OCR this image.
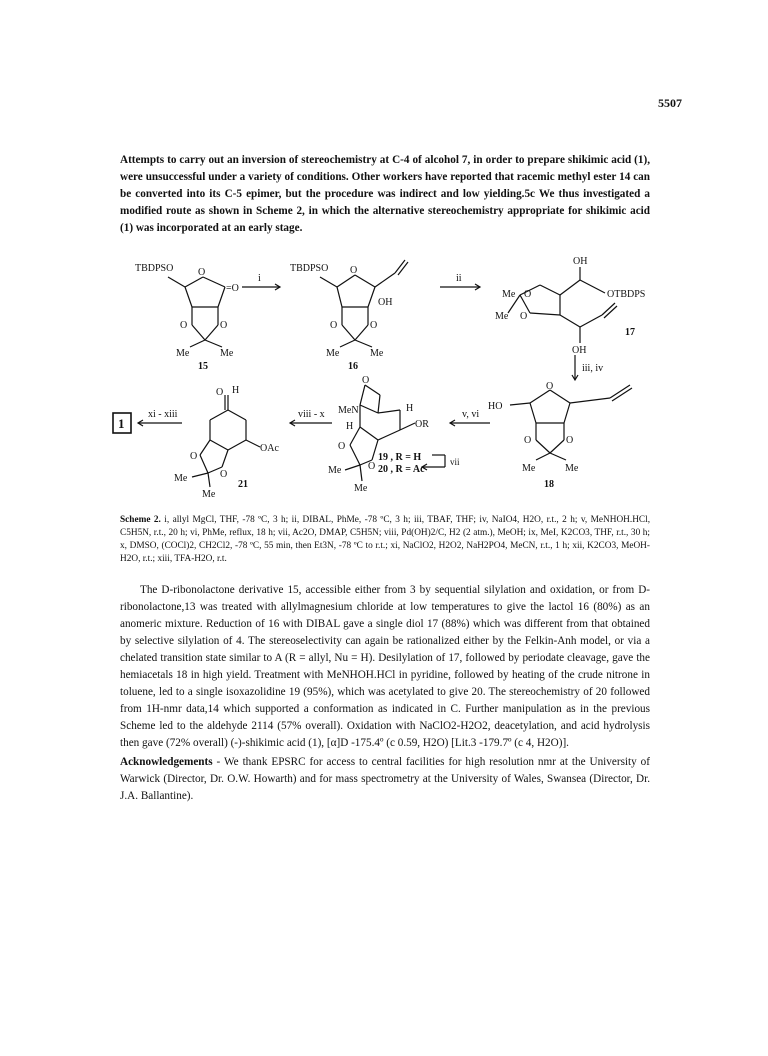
5507

Attempts to carry out an inversion of stereochemistry at C-4 of alcohol 7, in order to prepare shikimic acid (1), were unsuccessful under a variety of conditions. Other workers have reported that racemic methyl ester 14 can be converted into its C-5 epimer, but the procedure was indirect and low yielding.5c We thus investigated a modified route as shown in Scheme 2, in which the alternative stereochemistry appropriate for shikimic acid (1) was incorporated at an early stage.

TBDPSO O
=O
O	O
Me	Me
15
i
TBDPSO O
OH
O	O
Me	Me
16
ii
OH
OTBDPS
Me O
Me O
OH
17
iii, iv
HO
O
O	O
Me	Me
18
v, vi
O
MeN	H
H	OR
O
O
Me
Me
19 , R = H
20 , R = Ac
vii
viii - x
O H
OAc
O
O
Me
Me
21
xi - xiii
1

Scheme 2. i, allyl MgCl, THF, -78 ºC, 3 h; ii, DIBAL, PhMe, -78 ºC, 3 h; iii, TBAF, THF; iv, NaIO4, H2O, r.t., 2 h; v, MeNHOH.HCl, C5H5N, r.t., 20 h; vi, PhMe, reflux, 18 h; vii, Ac2O, DMAP, C5H5N; viii, Pd(OH)2/C, H2 (2 atm.), MeOH; ix, MeI, K2CO3, THF, r.t., 30 h; x, DMSO, (COCl)2, CH2Cl2, -78 ºC, 55 min, then Et3N, -78 ºC to r.t.; xi, NaClO2, H2O2, NaH2PO4, MeCN, r.t., 1 h; xii, K2CO3, MeOH-H2O, r.t.; xiii, TFA-H2O, r.t.

The D-ribonolactone derivative 15, accessible either from 3 by sequential silylation and oxidation, or from D-ribonolactone,13 was treated with allylmagnesium chloride at low temperatures to give the lactol 16 (80%) as an anomeric mixture. Reduction of 16 with DIBAL gave a single diol 17 (88%) which was different from that obtained by selective silylation of 4. The stereoselectivity can again be rationalized either by the Felkin-Anh model, or via a chelated transition state similar to A (R = allyl, Nu = H). Desilylation of 17, followed by periodate cleavage, gave the hemiacetals 18 in high yield. Treatment with MeNHOH.HCl in pyridine, followed by heating of the crude nitrone in toluene, led to a single isoxazolidine 19 (95%), which was acetylated to give 20. The stereochemistry of 20 followed from 1H-nmr data,14 which supported a conformation as indicated in C. Further manipulation as in the previous Scheme led to the aldehyde 2114 (57% overall). Oxidation with NaClO2-H2O2, deacetylation, and acid hydrolysis then gave (72% overall) (-)-shikimic acid (1), [α]D -175.4º (c 0.59, H2O) [Lit.3 -179.7º (c 4, H2O)].

Acknowledgements - We thank EPSRC for access to central facilities for high resolution nmr at the University of Warwick (Director, Dr. O.W. Howarth) and for mass spectrometry at the University of Wales, Swansea (Director, Dr. J.A. Ballantine).
